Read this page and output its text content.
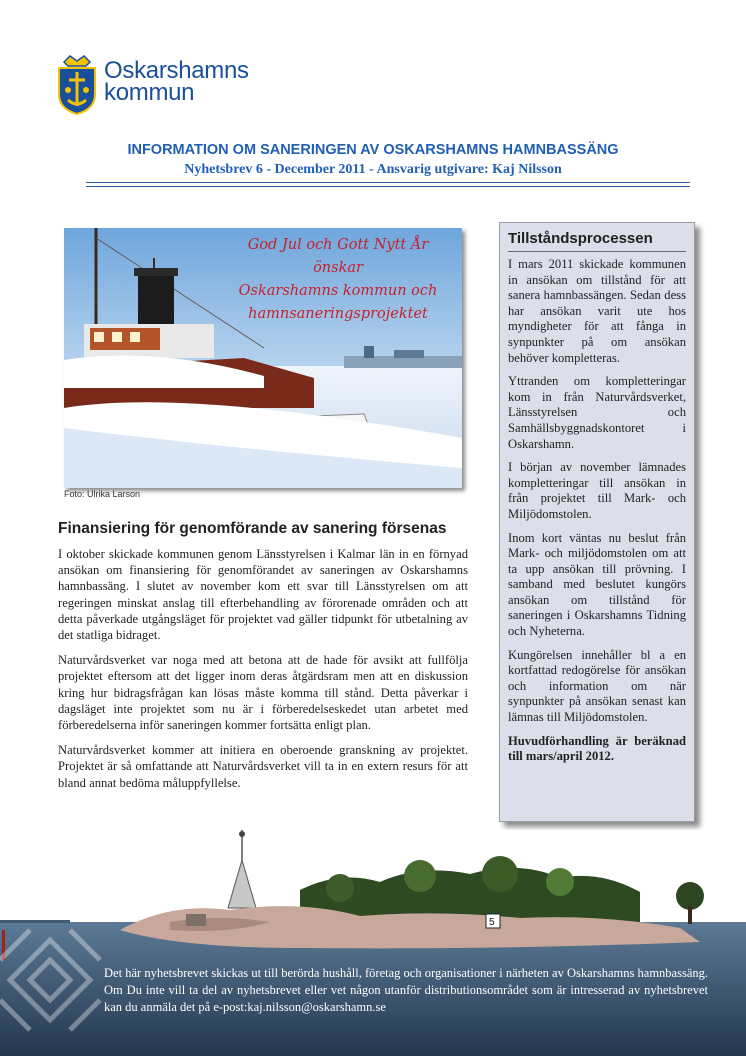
Oskarshamns
kommun
INFORMATION OM SANERINGEN AV OSKARSHAMNS HAMNBASSÄNG
Nyhetsbrev 6 - December 2011 - Ansvarig utgivare: Kaj Nilsson
God Jul och Gott Nytt År
önskar
Oskarshamns kommun och
hamnsaneringsprojektet
Foto: Ulrika Larson
Finansiering för genomförande av sanering försenas

I oktober skickade kommunen genom Länsstyrelsen i Kalmar län in en förnyad ansökan om finansiering för genomförandet av saneringen av Oskarshamns hamnbassäng. I slutet av november kom ett svar till Länsstyrelsen om att regeringen minskat anslag till efterbehandling av förorenade områden och att detta påverkade utgångsläget för projektet vad gäller tidpunkt för utbetalning av det statliga bidraget.

Naturvårdsverket var noga med att betona att de hade för avsikt att fullfölja projektet eftersom att det ligger inom deras åtgärdsram men att en diskussion kring hur bidragsfrågan kan lösas måste komma till stånd. Detta påverkar i dagsläget inte projektet som nu är i förberedelseskedet utan arbetet med förberedelserna inför saneringen kommer fortsätta enligt plan.

Naturvårdsverket kommer att initiera en oberoende granskning av projektet. Projektet är så omfattande att Naturvårdsverket vill ta in en extern resurs för att bland annat bedöma måluppfyllelse.

Tillståndsprocessen

I mars 2011 skickade kommunen in ansökan om tillstånd för att sanera hamnbassängen. Sedan dess har ansökan varit ute hos myndigheter för att fånga in synpunkter på om ansökan behöver kompletteras.

Yttranden om kompletteringar kom in från Naturvårdsverket, Länsstyrelsen och Samhällsbyggnadskontoret i Oskarshamn.

I början av november lämnades kompletteringar till ansökan in från projektet till Mark- och Miljödomstolen.

Inom kort väntas nu beslut från Mark- och miljödomstolen om att ta upp ansökan till prövning. I samband med beslutet kungörs ansökan om tillstånd för saneringen i Oskarshamns Tidning och Nyheterna.

Kungörelsen innehåller bl a en kortfattad redogörelse för ansökan och information om när synpunkter på ansökan senast kan lämnas till Miljödomstolen.

Huvudförhandling är beräknad till mars/april 2012.

5
Det här nyhetsbrevet skickas ut till berörda hushåll, företag och organisationer i närheten av Oskarshamns hamnbassäng. Om Du inte vill ta del av nyhetsbrevet eller vet någon utanför distributionsområdet som är intresserad av nyhetsbrevet kan du anmäla det på e-post:kaj.nilsson@oskarshamn.se
